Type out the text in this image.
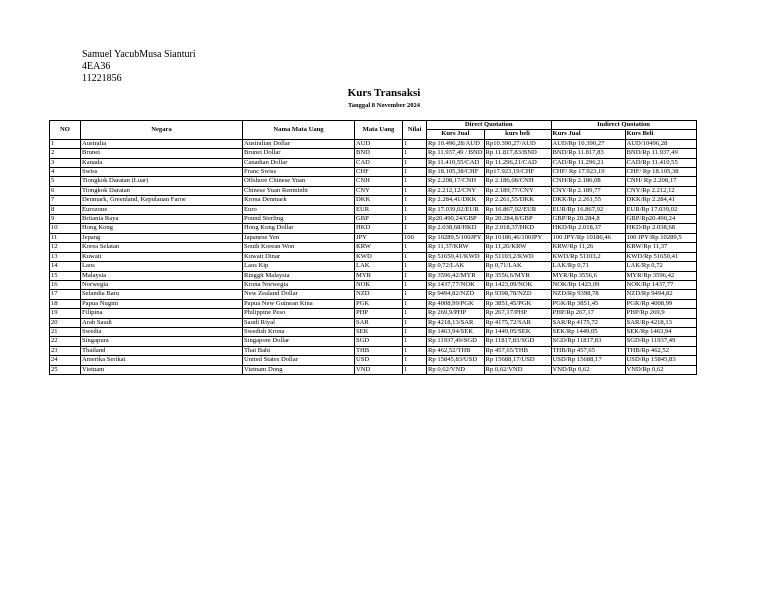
Samuel YacubMusa Sianturi
4EA36
11221856
Kurs Transaksi
Tanggal 8 November 2024
NO	Negara	Nama Mata Uang	Mata Uang	Nilai	Direct Quotation		Indirect Quotation	
					Kurs Jual	kurs beli	Kurs Jual	Kurs Beli
1	Australia	Australian Dollar	AUD	1	Rp 10.496,28/AUD	Rp10.390,27/AUD	AUD/Rp 10.390,27	AUD/10496,28
2	Brunei	Brunei Dollar	BND	1	Rp 11.937,49 / BND	Rp 11.817,83/BND	BND/Rp 11.817,83	BND/Rp 11.937,49
3	Kanada	Canadian Dollar	CAD	1	Rp 11.410,55/CAD	Rp 11.296,21/CAD	CAD/Rp 11.296,21	CAD/Rp 11.410,55
4	Swiss	Franc Swiss	CHF	1	Rp 18.105,38/CHF	Rp17.923,19/CHF	CHF/ Rp 17.923,19	CHF/ Rp 18.105,38
5	Tiongkok Daratan (Luar)	Offshore Chinese Yuan	CNH	1	Rp 2.208,17/CNH	Rp 2.186,08/CNH	CNH/Rp 2.186,08	CNH/ Rp 2.208,17
6	Tiongkok Daratan	Chinese Yuan Renminbi	CNY	1	Rp 2.212,12/CNY	Rp 2.189,77/CNY	CNY/Rp 2.189,77	CNY/Rp 2.212,12
7	Denmark, Greenland, Kepulauan Faroe	Krona Denmark	DKK	1	Rp 2.284,41/DKK	Rp 2.261,55/DKK	DKK/Rp 2.261,55	DKK/Rp 2.284,41
8	Eurozone	Euro	EUR	1	Rp 17.039,02/EUR	Rp 16.867,92/EUR	EUR/Rp 16.867,92	EUR/Rp 17.039,02
9	Britania Raya	Pound Sterling	GBP	1	Rp20.490,24/GBP	Rp 20.284,8/GBP	GBP/Rp 20.284,8	GBP/Rp20.490,24
10	Hong Kong	Hong Kong Dollar	HKD	1	Rp 2.038,68/HKD	Rp 2.018,37/HKD	HKD/Rp 2.018,37	HKD/Rp 2.038,68
11	Jepang	Japanese Yen	JPY	100	Rp 10289,5/100JPY	Rp 10186,46/100JPY	100 JPY/Rp 10186,46	100 JPY/Rp 10289,5
12	Korea Selatan	South Korean Won	KRW	1	Rp 11,37/KRW	Rp 11,26/KRW	KRW/Rp 11,26	KRW/Rp 11,37
13	Kuwait	Kuwait Dinar	KWD	1	Rp 51650,41/KWD	Rp 51103,2/KWD	KWD/Rp 51103,2	KWD/Rp 51650,41
14	Laos	Laos Kip	LAK	1	Rp 0,72/LAK	Rp 0,71/LAK	LAK/Rp 0,71	LAK/Rp 0,72
15	Malaysia	Ringgit Malaysia	MYR	1	Rp 3596,42/MYR	Rp 3556,6/MYR	MYR/Rp 3556,6	MYR/Rp 3596,42
16	Norwegia	Krona Norwegia	NOK	1	Rp 1437,77/NOK	Rp 1423,09/NOK	NOK/Rp 1423,09	NOK/Rp 1437,77
17	Selandia Baru	New Zealand Dollar	NZD	1	Rp 9494,82/NZD	Rp 9398,78/NZD	NZD/Rp 9398,78	NZD/Rp 9494,82
18	Papua Nugini	Papua New Guinean Kina	PGK	1	Rp 4008,99/PGK	Rp 3851,45/PGK	PGK/Rp 3851,45	PGK/Rp 4008,99
19	Filipina	Philippine Peso	PHP	1	Rp 269,9/PHP	Rp 267,17/PHP	PHP/Rp 267,17	PHP/Rp 269,9
20	Arab Saudi	Saudi Riyal	SAR	1	Rp 4218,13/SAR	Rp 4175,72/SAR	SAR/Rp 4175,72	SAR/Rp 4218,13
21	Swedia	Swedish Krona	SEK	1	Rp 1463,94/SEK	Rp 1449,05/SEK	SEK/Rp 1449,05	SEK/Rp 1463,94
22	Singapura	Singapore Dollar	SGD	1	Rp 11937,49/SGD	Rp 11817,83/SGD	SGD/Rp 11817,83	SGD/Rp 11937,49
23	Thailand	Thai Baht	THB	1	Rp 462,52/THB	Rp 457,65/THB	THB/Rp 457,65	THB/Rp 462,52
24	Amerika Serikat	United States Dollar	USD	1	Rp 15845,83/USD	Rp 15688,17/USD	USD/Rp 15688,17	USD/Rp 15845,83
25	Vietnam	Vietnam Dong	VND	1	Rp 0,62/VND	Rp 0,62/VND	VND/Rp 0,62	VND/Rp 0,62
